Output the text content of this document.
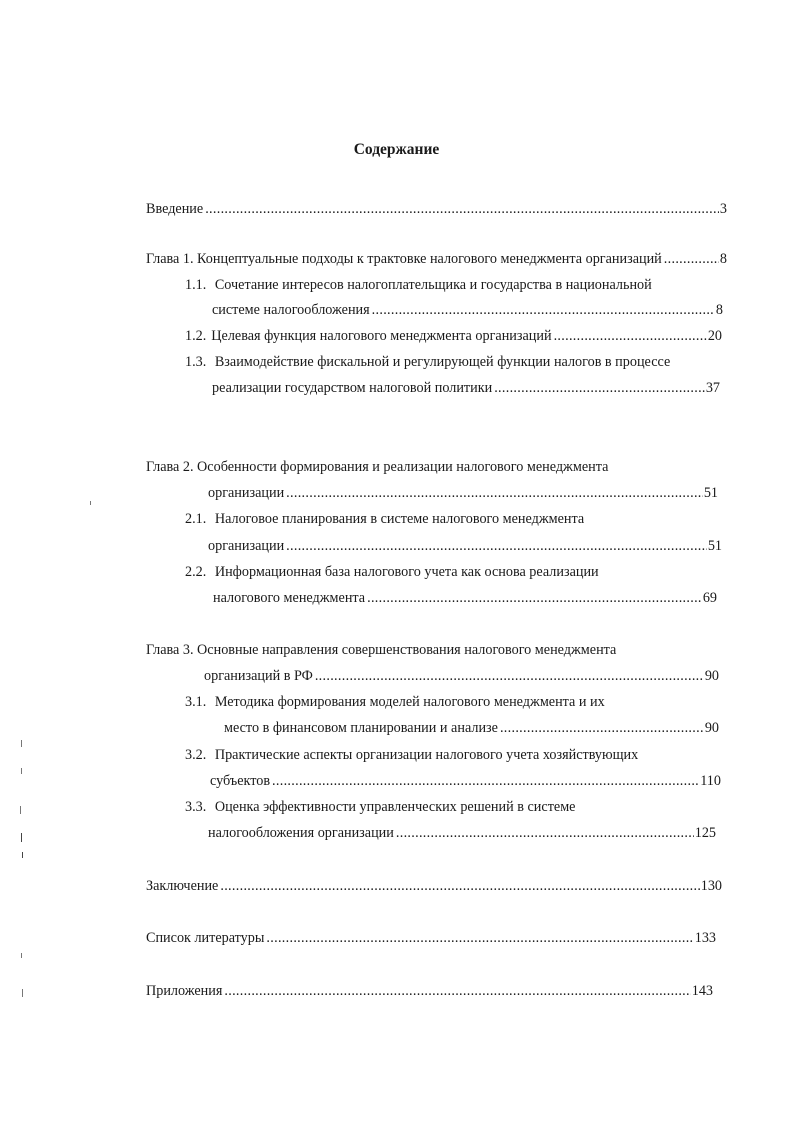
Содержание
Введение .....	3
Глава 1. Концептуальные подходы к трактовке налогового менеджмента организаций .....	8
1.1. Сочетание интересов налогоплательщика и государства в национальной
системе налогообложения .....	8
1.2. Целевая функция налогового менеджмента организаций .....	20
1.3. Взаимодействие фискальной и регулирующей функции налогов в процессе
реализации государством налоговой политики .....	37
Глава 2. Особенности формирования и реализации налогового менеджмента
организации .....	51
2.1. Налоговое планирования в системе налогового менеджмента
организации .....	51
2.2. Информационная база налогового учета как основа реализации
налогового менеджмента .....	69
Глава 3. Основные направления совершенствования налогового менеджмента
организаций в РФ .....	90
3.1. Методика формирования моделей налогового менеджмента и их
место в финансовом планировании и анализе .....	90
3.2. Практические аспекты организации налогового учета хозяйствующих
субъектов .....	110
3.3. Оценка эффективности управленческих решений в системе
налогообложения организации .....	125
Заключение .....	130
Список литературы .....	133
Приложения .....	143
